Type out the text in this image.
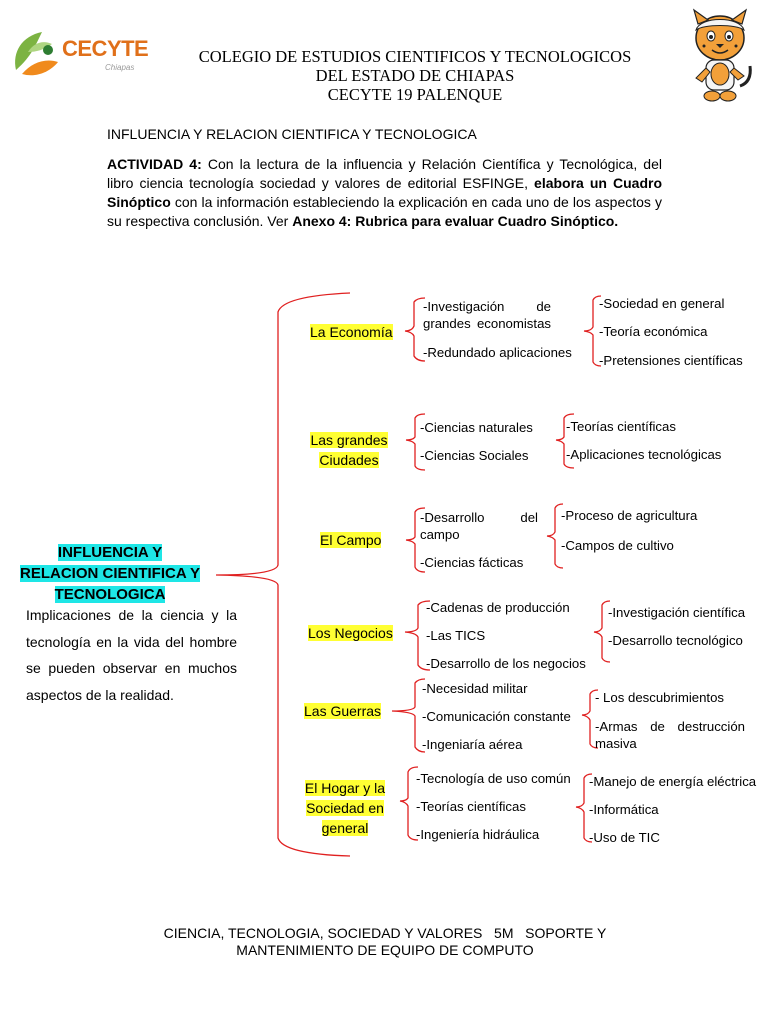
CECYTE
Chiapas
COLEGIO DE ESTUDIOS CIENTIFICOS Y TECNOLOGICOS
DEL ESTADO DE CHIAPAS
CECYTE 19 PALENQUE
INFLUENCIA Y RELACION CIENTIFICA Y TECNOLOGICA
ACTIVIDAD 4: Con la lectura de la influencia y Relación Científica y Tecnológica, del libro ciencia tecnología sociedad y valores de editorial ESFINGE, elabora un Cuadro Sinóptico con la información estableciendo la explicación en cada uno de los aspectos y su respectiva conclusión. Ver Anexo 4: Rubrica para evaluar Cuadro Sinóptico.
INFLUENCIA Y
RELACION CIENTIFICA Y
TECNOLOGICA
Implicaciones de la ciencia y la tecnología en la vida del hombre se pueden observar en muchos aspectos de la realidad.
La Economía
-Investigación de grandes economistas
-Redundado aplicaciones
-Sociedad en general
-Teoría económica
-Pretensiones científicas
Las grandes
Ciudades
-Ciencias naturales
-Ciencias Sociales
-Teorías científicas
-Aplicaciones tecnológicas
El Campo
-Desarrollo del campo
-Ciencias fácticas
-Proceso de agricultura
-Campos de cultivo
Los Negocios
-Cadenas de producción
-Las TICS
-Desarrollo de los negocios
-Investigación científica
-Desarrollo tecnológico
Las Guerras
-Necesidad militar
-Comunicación constante
-Ingeniaría aérea
- Los descubrimientos
-Armas de destrucción masiva
El Hogar y la
Sociedad en
general
-Tecnología de uso común
-Teorías científicas
-Ingeniería hidráulica
-Manejo de energía eléctrica
-Informática
-Uso de TIC
CIENCIA, TECNOLOGIA, SOCIEDAD Y VALORES   5M   SOPORTE Y
MANTENIMIENTO DE EQUIPO DE COMPUTO
